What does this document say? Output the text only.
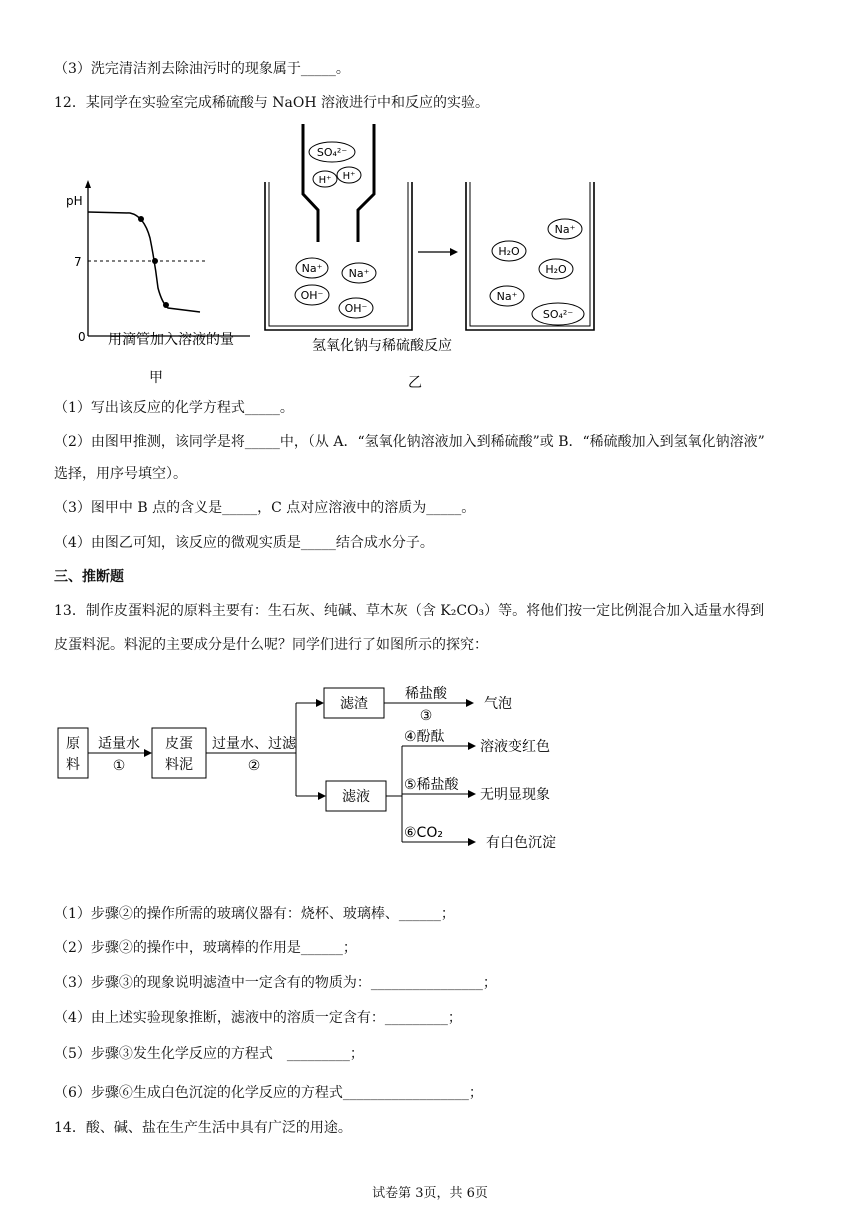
（3）洗完清洁剂去除油污时的现象属于_____。
12．某同学在实验室完成稀硫酸与 NaOH 溶液进行中和反应的实验。
pH
7
0 用滴管加入溶液的量
甲
SO₄²⁻
H⁺ H⁺
Na⁺ Na⁺
OH⁻
OH⁻
Na⁺
H₂O
H₂O
Na⁺
SO₄²⁻
氢氧化钠与稀硫酸反应
乙
（1）写出该反应的化学方程式_____。
（2）由图甲推测，该同学是将_____中，（从 A．“氢氧化钠溶液加入到稀硫酸”或 B．“稀硫酸加入到氢氧化钠溶液”
选择，用序号填空）。
（3）图甲中 B 点的含义是_____，C 点对应溶液中的溶质为_____。
（4）由图乙可知，该反应的微观实质是_____结合成水分子。
三、推断题
13．制作皮蛋料泥的原料主要有：生石灰、纯碱、草木灰（含 K₂CO₃）等。将他们按一定比例混合加入适量水得到
皮蛋料泥。料泥的主要成分是什么呢？同学们进行了如图所示的探究：
原
料
皮蛋
料泥
滤渣
滤液
适量水
①
过量水、过滤
②
稀盐酸
③
气泡
④酚酞
溶液变红色
⑤稀盐酸
无明显现象
⑥CO₂
有白色沉淀
（1）步骤②的操作所需的玻璃仪器有：烧杯、玻璃棒、______；
（2）步骤②的操作中，玻璃棒的作用是______；
（3）步骤③的现象说明滤渣中一定含有的物质为：________________；
（4）由上述实验现象推断，滤液中的溶质一定含有：_________；
（5）步骤③发生化学反应的方程式　_________；
（6）步骤⑥生成白色沉淀的化学反应的方程式__________________；
14．酸、碱、盐在生产生活中具有广泛的用途。
试卷第 3页，共 6页
